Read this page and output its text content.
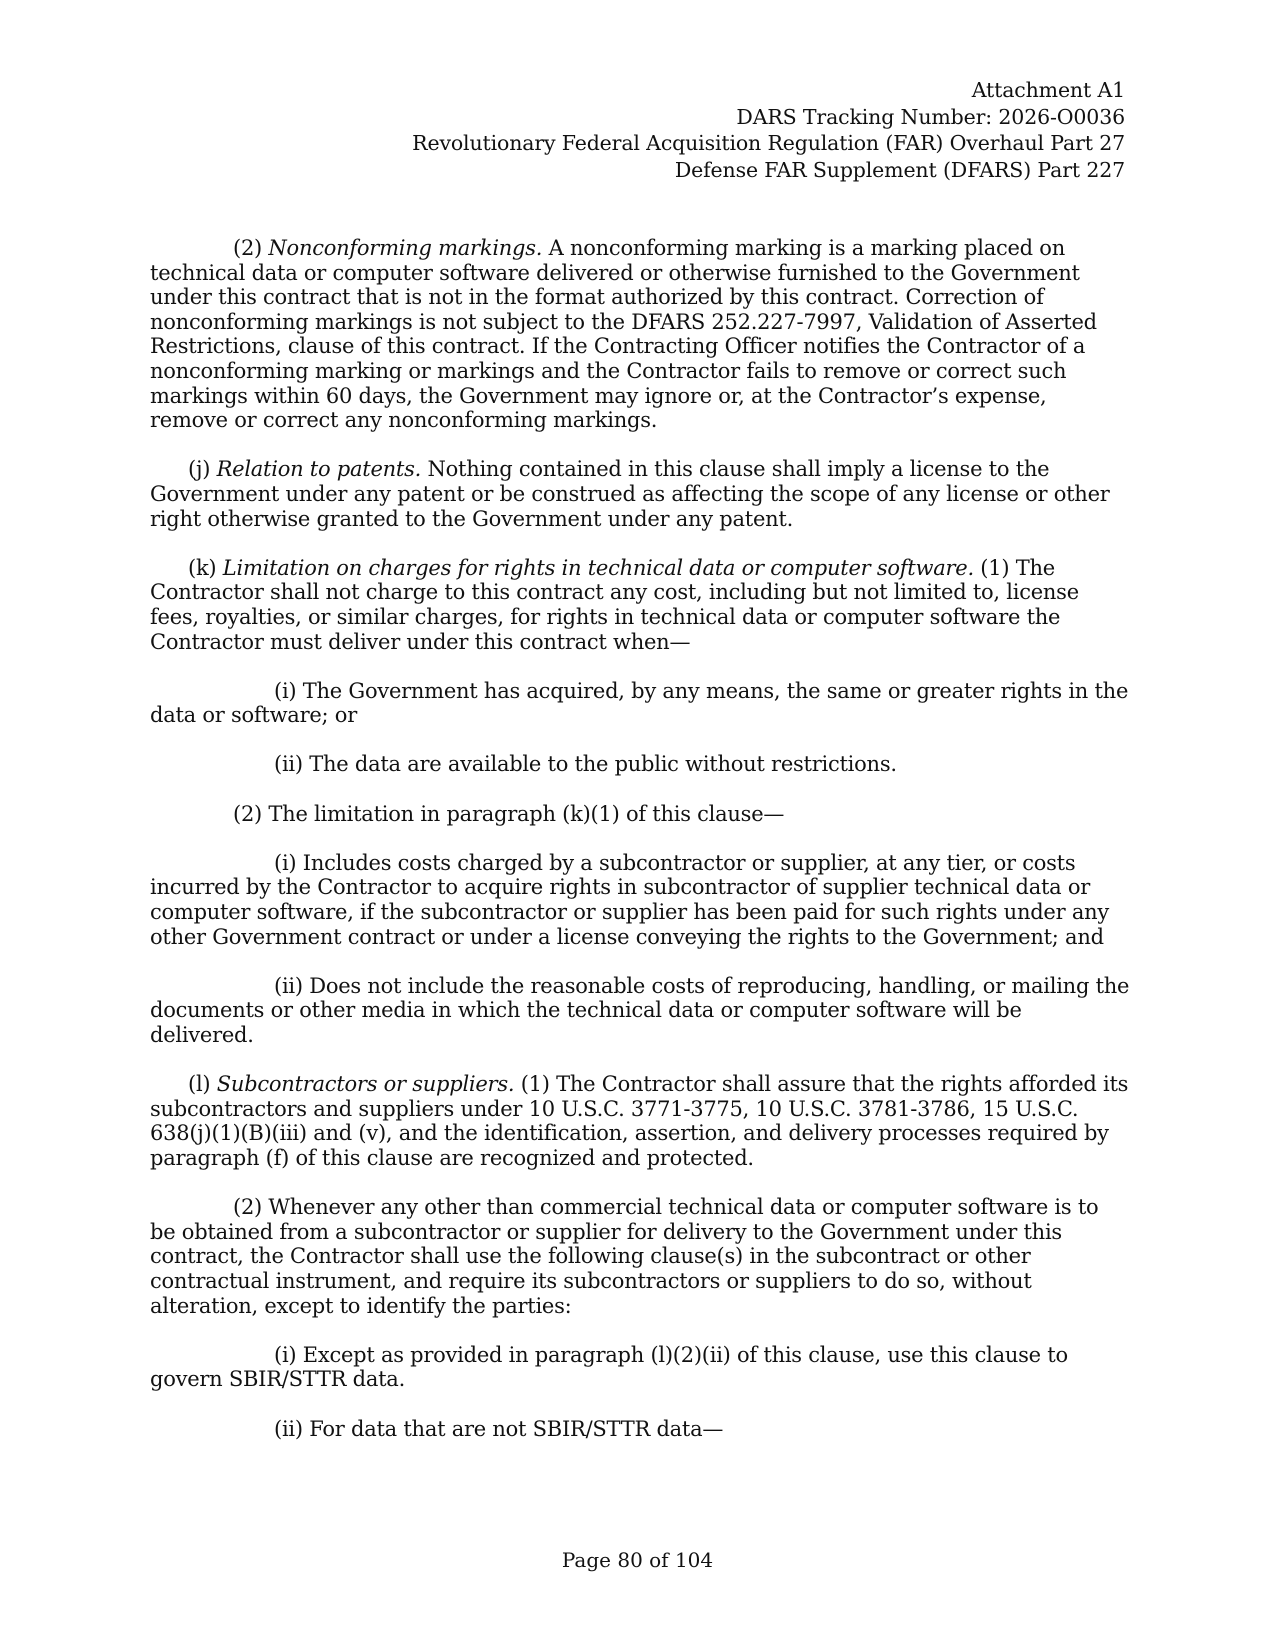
Attachment A1
DARS Tracking Number: 2026-O0036
Revolutionary Federal Acquisition Regulation (FAR) Overhaul Part 27
Defense FAR Supplement (DFARS) Part 227

(2) Nonconforming markings. A nonconforming marking is a marking placed on technical data or computer software delivered or otherwise furnished to the Government under this contract that is not in the format authorized by this contract. Correction of nonconforming markings is not subject to the DFARS 252.227-7997, Validation of Asserted Restrictions, clause of this contract. If the Contracting Officer notifies the Contractor of a nonconforming marking or markings and the Contractor fails to remove or correct such markings within 60 days, the Government may ignore or, at the Contractor’s expense, remove or correct any nonconforming markings.

(j) Relation to patents. Nothing contained in this clause shall imply a license to the Government under any patent or be construed as affecting the scope of any license or other right otherwise granted to the Government under any patent.

(k) Limitation on charges for rights in technical data or computer software. (1) The Contractor shall not charge to this contract any cost, including but not limited to, license fees, royalties, or similar charges, for rights in technical data or computer software the Contractor must deliver under this contract when—

(i) The Government has acquired, by any means, the same or greater rights in the data or software; or

(ii) The data are available to the public without restrictions.

(2) The limitation in paragraph (k)(1) of this clause—

(i) Includes costs charged by a subcontractor or supplier, at any tier, or costs incurred by the Contractor to acquire rights in subcontractor of supplier technical data or computer software, if the subcontractor or supplier has been paid for such rights under any other Government contract or under a license conveying the rights to the Government; and

(ii) Does not include the reasonable costs of reproducing, handling, or mailing the documents or other media in which the technical data or computer software will be delivered.

(l) Subcontractors or suppliers. (1) The Contractor shall assure that the rights afforded its subcontractors and suppliers under 10 U.S.C. 3771-3775, 10 U.S.C. 3781-3786, 15 U.S.C. 638(j)(1)(B)(iii) and (v), and the identification, assertion, and delivery processes required by paragraph (f) of this clause are recognized and protected.

(2) Whenever any other than commercial technical data or computer software is to be obtained from a subcontractor or supplier for delivery to the Government under this contract, the Contractor shall use the following clause(s) in the subcontract or other contractual instrument, and require its subcontractors or suppliers to do so, without alteration, except to identify the parties:

(i) Except as provided in paragraph (l)(2)(ii) of this clause, use this clause to govern SBIR/STTR data.

(ii) For data that are not SBIR/STTR data—

Page 80 of 104
